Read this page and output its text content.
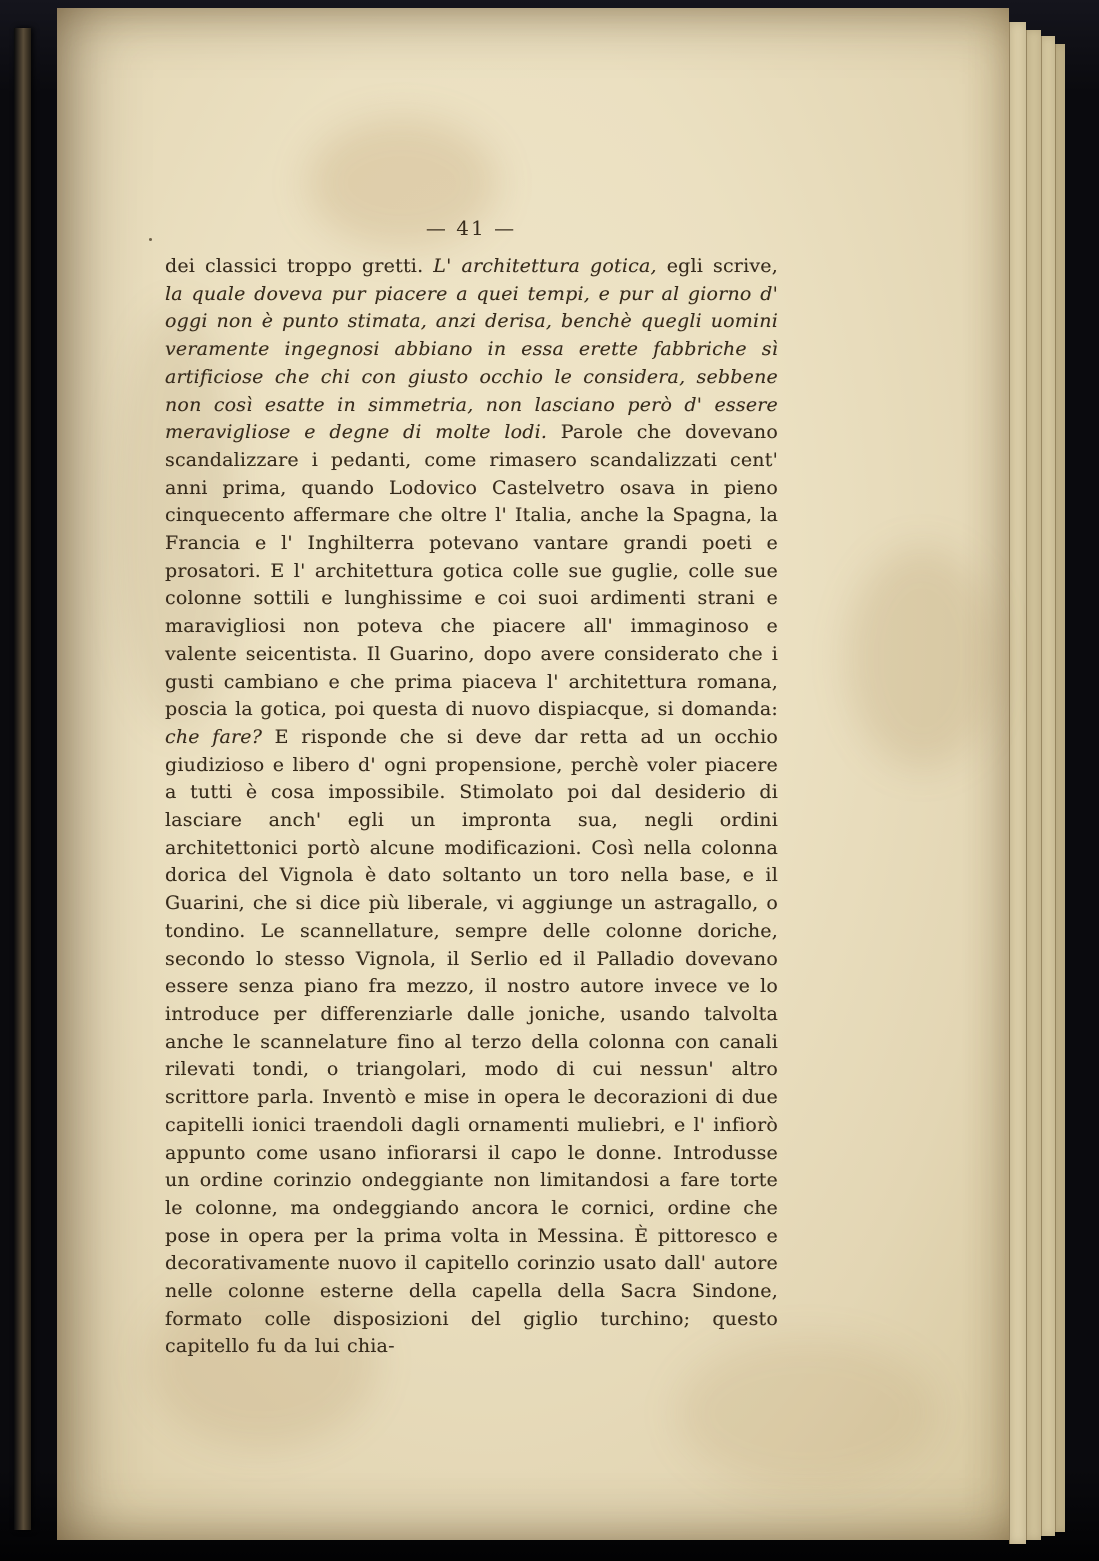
— 41 —
dei classici troppo gretti. L' architettura gotica, egli scrive, la quale doveva pur piacere a quei tempi, e pur al giorno d' oggi non è punto stimata, anzi derisa, benchè quegli uomini veramente ingegnosi abbiano in essa erette fabbriche sì artificiose che chi con giusto occhio le considera, sebbene non così esatte in simmetria, non lasciano però d' essere meravigliose e degne di molte lodi. Parole che dovevano scandalizzare i pedanti, come rimasero scandalizzati cent' anni prima, quando Lodovico Castelvetro osava in pieno cinquecento affermare che oltre l' Italia, anche la Spagna, la Francia e l' Inghilterra potevano vantare grandi poeti e prosatori. E l' architettura gotica colle sue guglie, colle sue colonne sottili e lunghissime e coi suoi ardimenti strani e maravigliosi non poteva che piacere all' immaginoso e valente seicentista. Il Guarino, dopo avere considerato che i gusti cambiano e che prima piaceva l' architettura romana, poscia la gotica, poi questa di nuovo dispiacque, si domanda: che fare? E risponde che si deve dar retta ad un occhio giudizioso e libero d' ogni propensione, perchè voler piacere a tutti è cosa impossibile. Stimolato poi dal desiderio di lasciare anch' egli un impronta sua, negli ordini architettonici portò alcune modificazioni. Così nella colonna dorica del Vignola è dato soltanto un toro nella base, e il Guarini, che si dice più liberale, vi aggiunge un astragallo, o tondino. Le scannellature, sempre delle colonne doriche, secondo lo stesso Vignola, il Serlio ed il Palladio dovevano essere senza piano fra mezzo, il nostro autore invece ve lo introduce per differenziarle dalle joniche, usando talvolta anche le scannelature fino al terzo della colonna con canali rilevati tondi, o triangolari, modo di cui nessun' altro scrittore parla. Inventò e mise in opera le decorazioni di due capitelli ionici traendoli dagli ornamenti muliebri, e l' infiorò appunto come usano infiorarsi il capo le donne. Introdusse un ordine corinzio ondeggiante non limitandosi a fare torte le colonne, ma ondeggiando ancora le cornici, ordine che pose in opera per la prima volta in Messina. È pittoresco e decorativamente nuovo il capitello corinzio usato dall' autore nelle colonne esterne della capella della Sacra Sindone, formato colle disposizioni del giglio turchino; questo capitello fu da lui chia-
